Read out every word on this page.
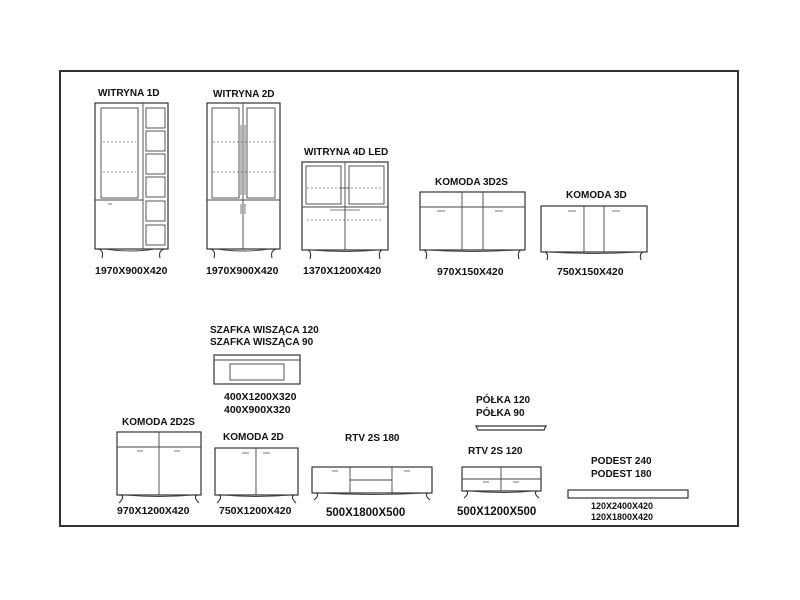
WITRYNA 1D
1970X900X420
WITRYNA 2D
1970X900X420
WITRYNA 4D LED
1370X1200X420
KOMODA 3D2S
970X150X420
KOMODA 3D
750X150X420
SZAFKA WISZĄCA 120
SZAFKA WISZĄCA 90
400X1200X320
400X900X320
KOMODA 2D2S
970X1200X420
KOMODA 2D
750X1200X420
RTV 2S 180
500X1800X500
PÓŁKA 120
PÓŁKA 90
RTV 2S 120
500X1200X500
PODEST 240
PODEST 180
120X2400X420
120X1800X420
